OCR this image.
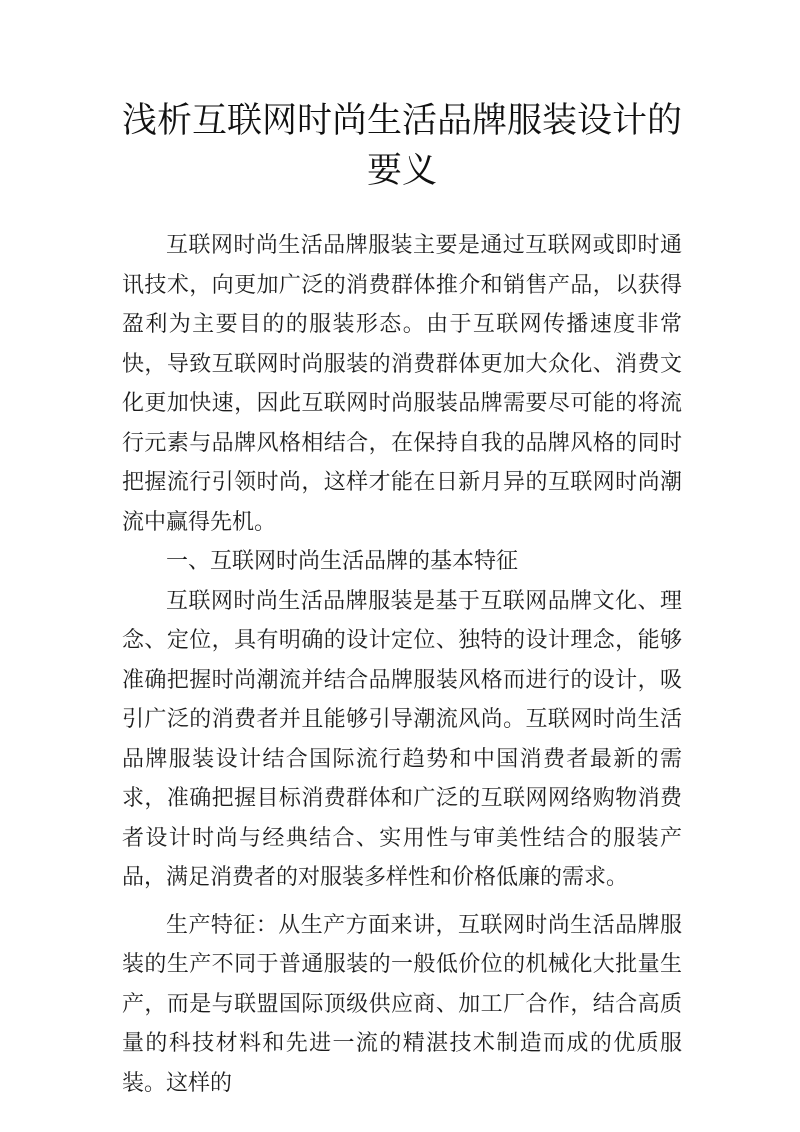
浅析互联网时尚生活品牌服装设计的要义

互联网时尚生活品牌服装主要是通过互联网或即时通讯技术，向更加广泛的消费群体推介和销售产品，以获得盈利为主要目的的服装形态。由于互联网传播速度非常快，导致互联网时尚服装的消费群体更加大众化、消费文化更加快速，因此互联网时尚服装品牌需要尽可能的将流行元素与品牌风格相结合，在保持自我的品牌风格的同时把握流行引领时尚，这样才能在日新月异的互联网时尚潮流中赢得先机。

一、互联网时尚生活品牌的基本特征

互联网时尚生活品牌服装是基于互联网品牌文化、理念、定位，具有明确的设计定位、独特的设计理念，能够准确把握时尚潮流并结合品牌服装风格而进行的设计，吸引广泛的消费者并且能够引导潮流风尚。互联网时尚生活品牌服装设计结合国际流行趋势和中国消费者最新的需求，准确把握目标消费群体和广泛的互联网网络购物消费者设计时尚与经典结合、实用性与审美性结合的服装产品，满足消费者的对服装多样性和价格低廉的需求。

生产特征：从生产方面来讲，互联网时尚生活品牌服装的生产不同于普通服装的一般低价位的机械化大批量生产，而是与联盟国际顶级供应商、加工厂合作，结合高质量的科技材料和先进一流的精湛技术制造而成的优质服装。这样的
